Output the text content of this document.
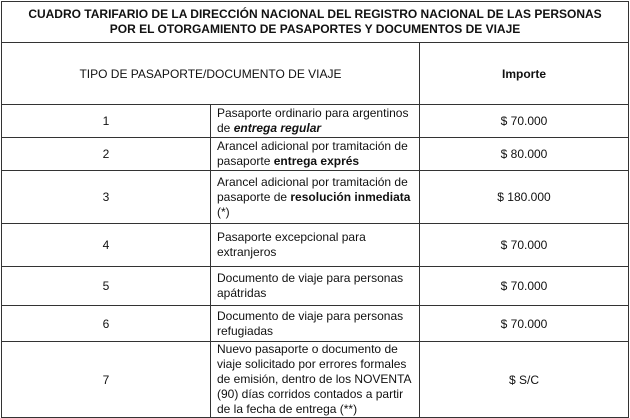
CUADRO TARIFARIO DE LA DIRECCIÓN NACIONAL DEL REGISTRO NACIONAL DE LAS PERSONAS
POR EL OTORGAMIENTO DE PASAPORTES Y DOCUMENTOS DE VIAJE		

TIPO DE PASAPORTE/DOCUMENTO DE VIAJE		Importe
1	Pasaporte ordinario para argentinos de entrega regular	$ 70.000
2	Arancel adicional por tramitación de pasaporte entrega exprés	$ 80.000
3	Arancel adicional por tramitación de pasaporte de resolución inmediata (*)	$ 180.000
4	Pasaporte excepcional para extranjeros	$ 70.000
5	Documento de viaje para personas apátridas	$ 70.000
6	Documento de viaje para personas refugiadas	$ 70.000
7	Nuevo pasaporte o documento de viaje solicitado por errores formales de emisión, dentro de los NOVENTA (90) días corridos contados a partir de la fecha de entrega (**)	$ S/C
